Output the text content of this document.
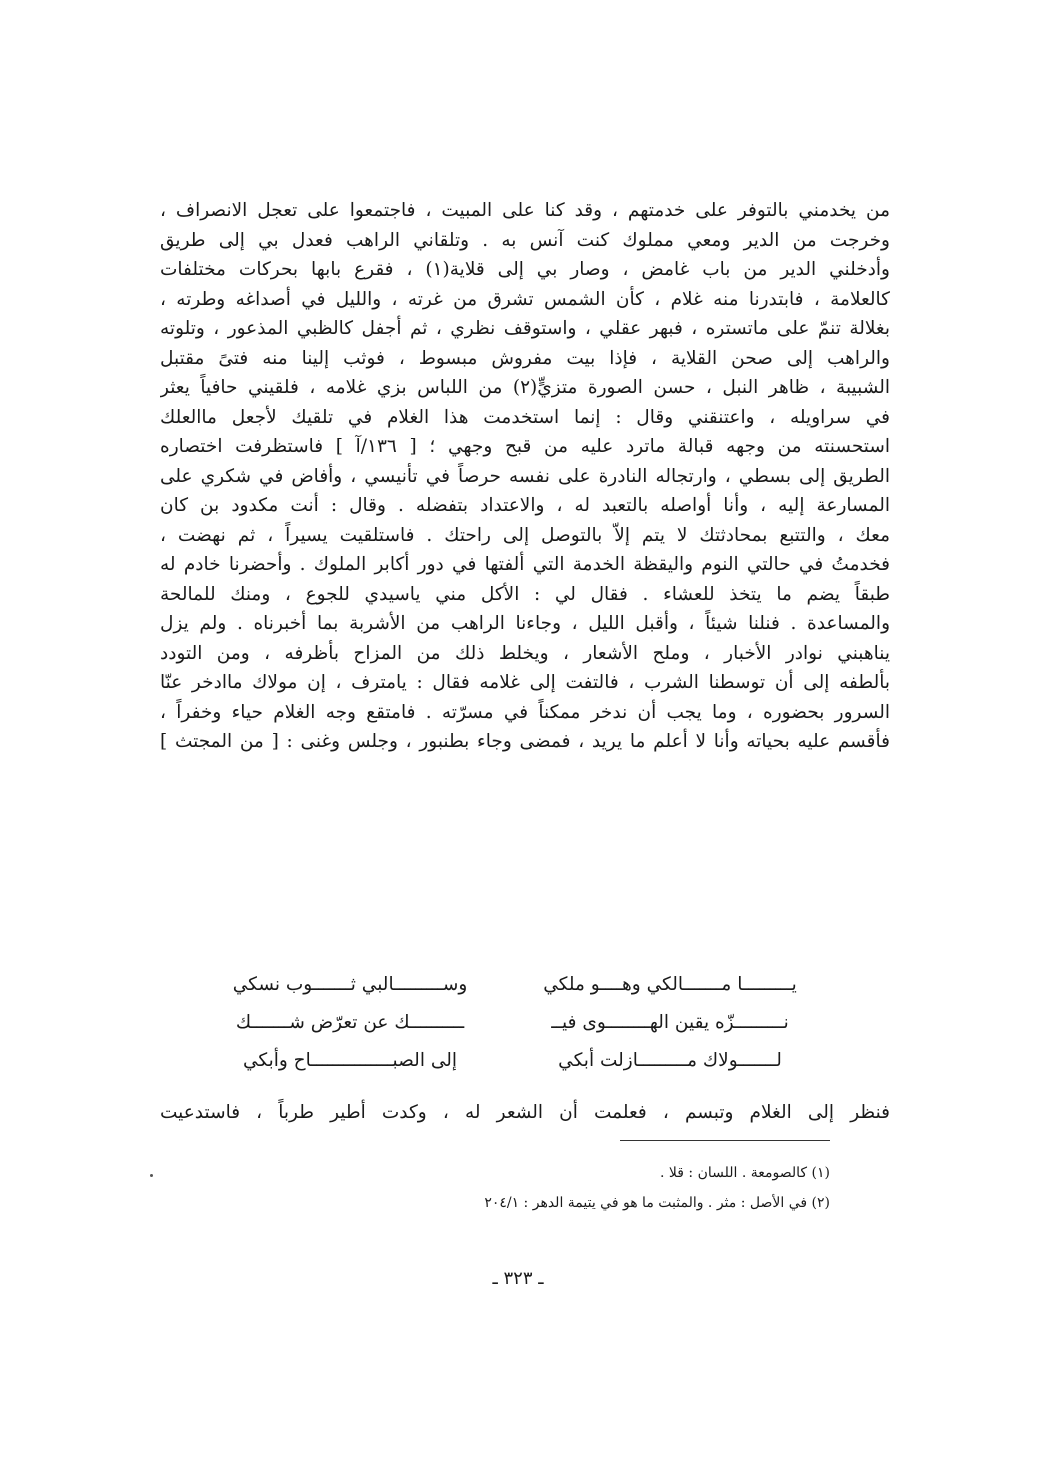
من يخدمني بالتوفر على خدمتهم ، وقد كنا على المبيت ، فاجتمعوا على تعجل الانصراف ،
وخرجت من الدير ومعي مملوك كنت آنس به . وتلقاني الراهب فعدل بي إلى طريق
وأدخلني الدير من باب غامض ، وصار بي إلى قلاية(١) ، فقرع بابها بحركات مختلفات
كالعلامة ، فابتدرنا منه غلام ، كأن الشمس تشرق من غرته ، والليل في أصداغه وطرته ،
بغلالة تنمّ على ماتستره ، فبهر عقلي ، واستوقف نظري ، ثم أجفل كالظبي المذعور ، وتلوته
والراهب إلى صحن القلاية ، فإذا بيت مفروش مبسوط ، فوثب إلينا منه فتىً مقتبل
الشبيبة ، ظاهر النبل ، حسن الصورة متزيٍّ(٢) من اللباس بزي غلامه ، فلقيني حافياً يعثر
في سراويله ، واعتنقني وقال : إنما استخدمت هذا الغلام في تلقيك لأجعل ماالعلك
استحسنته من وجهه قبالة ماترد عليه من قبح وجهي ؛ [ ١٣٦/آ ] فاستظرفت اختصاره
الطريق إلى بسطي ، وارتجاله النادرة على نفسه حرصاً في تأنيسي ، وأفاض في شكري على
المسارعة إليه ، وأنا أواصله بالتعبد له ، والاعتداد بتفضله . وقال : أنت مكدود بن كان
معك ، والتتبع بمحادثتك لا يتم إلاّ بالتوصل إلى راحتك . فاستلقيت يسيراً ، ثم نهضت ،
فخدمتُ في حالتي النوم واليقظة الخدمة التي ألفتها في دور أكابر الملوك . وأحضرنا خادم له
طبقاً يضم ما يتخذ للعشاء . فقال لي : الأكل مني ياسيدي للجوع ، ومنك للمالحة
والمساعدة . فنلنا شيئاً ، وأقبل الليل ، وجاءنا الراهب من الأشربة بما أخبرناه . ولم يزل
يناهبني نوادر الأخبار ، وملح الأشعار ، ويخلط ذلك من المزاح بأظرفه ، ومن التودد
بألطفه إلى أن توسطنا الشرب ، فالتفت إلى غلامه فقال : يامترف ، إن مولاك ماادخر عنّا
السرور بحضوره ، وما يجب أن ندخر ممكناً في مسرّته . فامتقع وجه الغلام حياء وخفراً ،
فأقسم عليه بحياته وأنا لا أعلم ما يريد ، فمضى وجاء بطنبور ، وجلس وغنى : [ من المجتث ]
يـــــــــا مـــــــالكي وهــــو ملكي
وســـــــــالبي ثـــــــوب نسكي
نـــــــــزّه يقين الهــــــــوى فيــ
ــــــــــك عن تعرّض شـــــــك
لـــــــولاك مـــــــــازلت أبكي
إلى الصبـــــــــــــــاح وأبكي
فنظر إلى الغلام وتبسم ، فعلمت أن الشعر له ، وكدت أطير طرباً ، فاستدعيت
(١) كالصومعة . اللسان : قلا .
(٢) في الأصل : مثر . والمثبت ما هو في يتيمة الدهر : ٢٠٤/١
ـ ٣٢٣ ـ
